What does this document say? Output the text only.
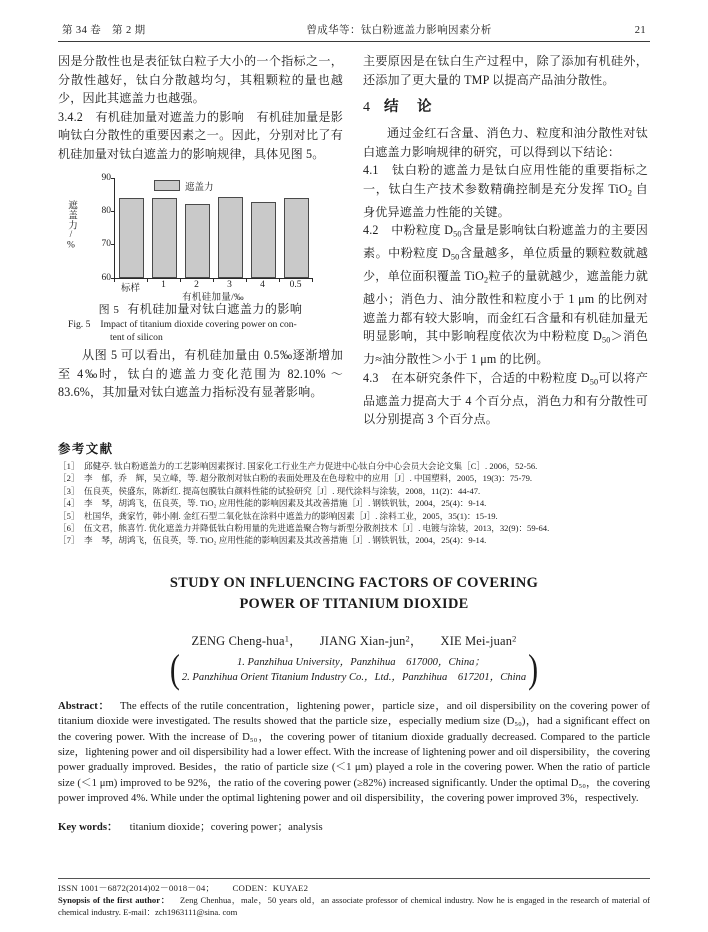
第 34 卷　第 2 期	曾成华等：钛白粉遮盖力影响因素分析	21

因是分散性也是表征钛白粒子大小的一个指标之一，分散性越好，钛白分散越均匀，其粗颗粒的量也越少，因此其遮盖力也越强。

3.4.2　有机硅加量对遮盖力的影响　有机硅加量是影响钛白分散性的重要因素之一。因此，分别对比了有机硅加量对钛白遮盖力的影响规律，具体见图 5。

遮盖力/%
遮盖力
90
80
70
60
标样	1	2	3	4	0.5
有机硅加量/‰

图 5 有机硅加量对钛白遮盖力的影响

Fig. 5 Impact of titanium dioxide covering power on con-
tent of silicon

从图 5 可以看出，有机硅加量由 0.5‰逐渐增加至 4‰时，钛白的遮盖力变化范围为 82.10% ～83.6%，其加量对钛白遮盖力指标没有显著影响。

主要原因是在钛白生产过程中，除了添加有机硅外，还添加了更大量的 TMP 以提高产品油分散性。

4 结　论

通过金红石含量、消色力、粒度和油分散性对钛白遮盖力影响规律的研究，可以得到以下结论：

4.1　 钛白粉的遮盖力是钛白应用性能的重要指标之一，钛白生产技术参数精确控制是充分发挥 TiO$_2$ 自身优异遮盖力性能的关键。

4.2　 中粉粒度 $D_{50}$含量是影响钛白粉遮盖力的主要因素。中粉粒度 $D_{50}$含量越多，单位质量的颗粒数就越少，单位面积覆盖 TiO$_2$粒子的量就越少，遮盖能力就越小；消色力、油分散性和粒度小于 1 μm 的比例对遮盖力都有较大影响，而金红石含量和有机硅加量无明显影响，其中影响程度依次为中粉粒度 $D_{50}>$消色力≈油分散性＞小于 1 μm 的比例。

4.3　 在本研究条件下，合适的中粉粒度 $D_{50}$可以将产品遮盖力提高大于 4 个百分点，消色力和有分散性可以分别提高 3 个百分点。

参考文献
［1］ 邱健亭. 钛白粉遮盖力的工艺影响因素探讨. 国家化工行业生产力促进中心钛白分中心会员大会论文集［C］. 2006，52-56.
［2］ 李　郁，乔　辉，吴立峰，等. 超分散剂对钛白粉的表面处理及在色母粒中的应用［J］. 中国塑料，2005，19(3)：75-79.
［3］ 伍良英，侯盛东，陈新红. 提高包膜钛白颜料性能的试验研究［J］. 现代涂料与涂装，2008，11(2)：44-47.
［4］ 李　琴，胡鸿飞，伍良英，等. TiO₂ 应用性能的影响因素及其改善措施［J］. 钢铁钒钛，2004，25(4)：9-14.
［5］ 杜国华，龚家竹，韩小刚. 金红石型二氧化钛在涂料中遮盖力的影响因素［J］. 涂料工业，2005，35(1)：15-19.
［6］ 伍文君，熊喜竹. 优化遮盖力并降低钛白粉用量的先进遮盖聚合物与新型分散剂技术［J］. 电镀与涂装，2013，32(9)：59-64.
［7］ 李　琴，胡鸿飞，伍良英，等. TiO₂ 应用性能的影响因素及其改善措施［J］. 钢铁钒钛，2004，25(4)：9-14.

STUDY ON INFLUENCING FACTORS OF COVERING
POWER OF TITANIUM DIOXIDE

ZENG Cheng-hua$^1$， JIANG Xian-jun$^2$， XIE Mei-juan$^2$

(	1. Panzhihua University，Panzhihua　617000，China；
2. Panzhihua Orient Titanium Industry Co.，Ltd.，Panzhihua　617201，China )

Abstract： The effects of the rutile concentration，lightening power，particle size，and oil dispersibility on the covering power of titanium dioxide were investigated. The results showed that the particle size，especially medium size (D₅₀)，had a significant effect on the covering power. With the increase of D₅₀，the covering power of titanium dioxide gradually decreased. Compared to the particle size，lightening power and oil dispersibility had a lower effect. With the increase of lightening power and oil dispersibility，the covering power gradually improved. Besides，the ratio of particle size (＜1 μm) played a role in the covering power. When the ratio of particle size (＜1 μm) improved to be 92%，the ratio of the covering power (≥82%) increased significantly. Under the optimal D₅₀，the covering power improved 4%. While under the optimal lightening power and oil dispersibility，the covering power improved 3%，respectively.

Key words： titanium dioxide；covering power；analysis

ISSN 1001－6872(2014)02－0018－04； CODEN：KUYAE2
Synopsis of the first author： Zeng Chenhua，male，50 years old，an associate professor of chemical industry. Now he is engaged in the research of material of chemical industry. E-mail：zch1963111@sina. com
